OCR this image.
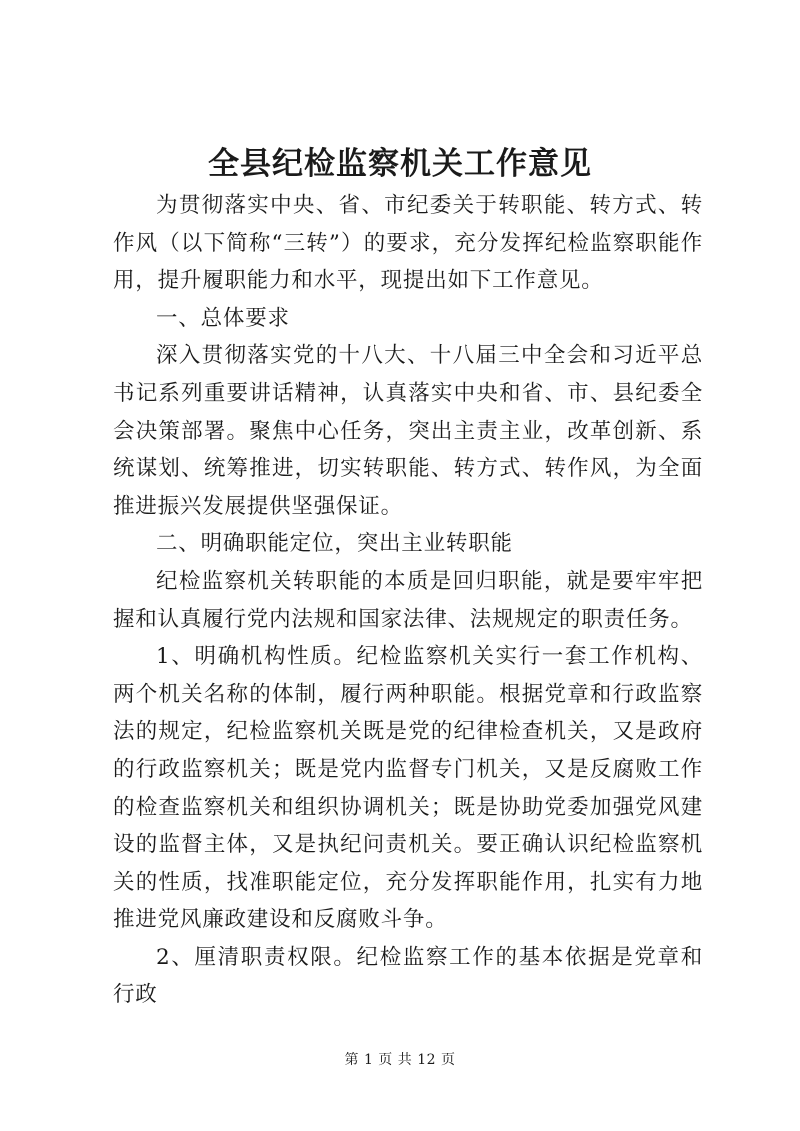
全县纪检监察机关工作意见

为贯彻落实中央、省、市纪委关于转职能、转方式、转作风（以下简称“三转”）的要求，充分发挥纪检监察职能作用，提升履职能力和水平，现提出如下工作意见。

一、总体要求

深入贯彻落实党的十八大、十八届三中全会和习近平总书记系列重要讲话精神，认真落实中央和省、市、县纪委全会决策部署。聚焦中心任务，突出主责主业，改革创新、系统谋划、统筹推进，切实转职能、转方式、转作风，为全面推进振兴发展提供坚强保证。

二、明确职能定位，突出主业转职能

纪检监察机关转职能的本质是回归职能，就是要牢牢把握和认真履行党内法规和国家法律、法规规定的职责任务。

1、明确机构性质。纪检监察机关实行一套工作机构、两个机关名称的体制，履行两种职能。根据党章和行政监察法的规定，纪检监察机关既是党的纪律检查机关，又是政府的行政监察机关；既是党内监督专门机关，又是反腐败工作的检查监察机关和组织协调机关；既是协助党委加强党风建设的监督主体，又是执纪问责机关。要正确认识纪检监察机关的性质，找准职能定位，充分发挥职能作用，扎实有力地推进党风廉政建设和反腐败斗争。

2、厘清职责权限。纪检监察工作的基本依据是党章和行政

第 1 页 共 12 页
